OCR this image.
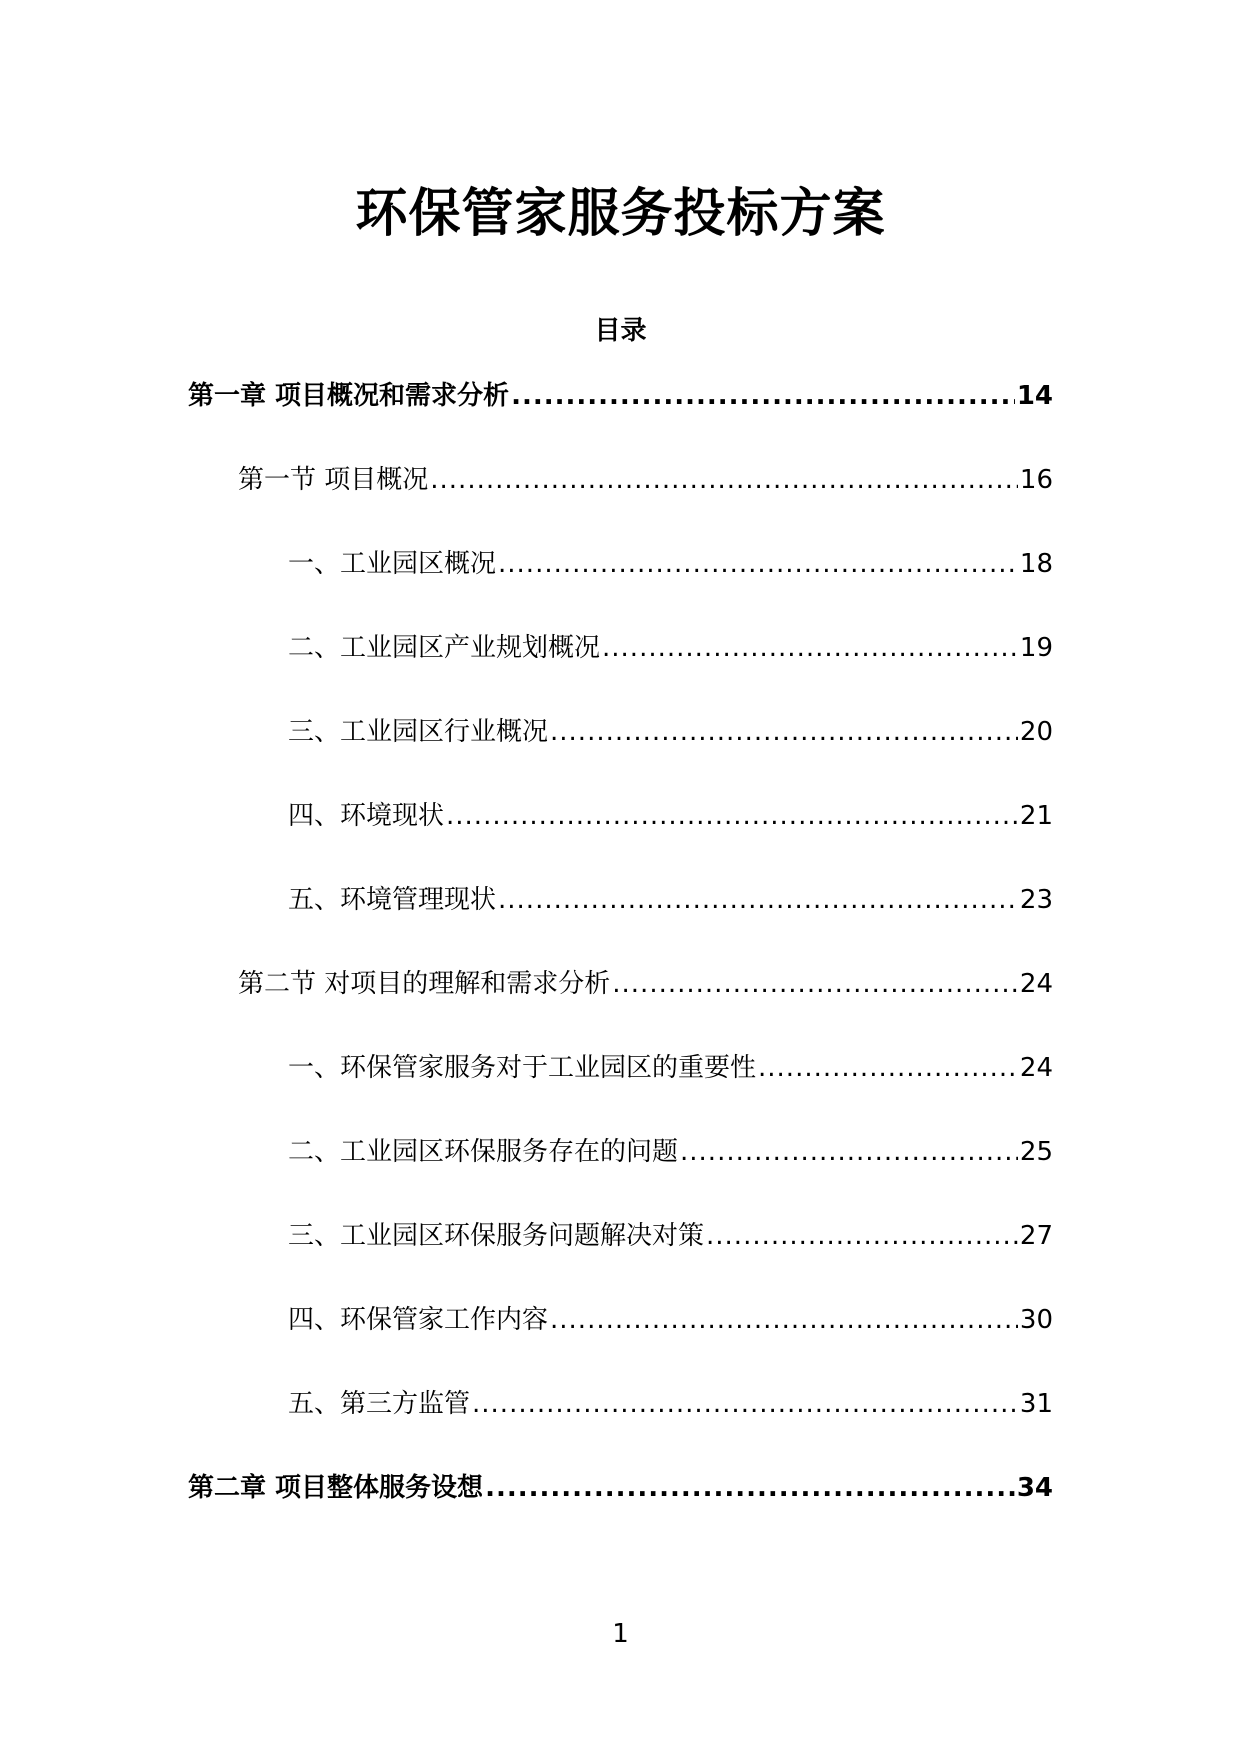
环保管家服务投标方案
目录
第一章 项目概况和需求分析 .....	14
第一节 项目概况 .....	16
一、工业园区概况 .....	18
二、工业园区产业规划概况 .....	19
三、工业园区行业概况 .....	20
四、环境现状 .....	21
五、环境管理现状 .....	23
第二节 对项目的理解和需求分析 .....	24
一、环保管家服务对于工业园区的重要性 .....	24
二、工业园区环保服务存在的问题 .....	25
三、工业园区环保服务问题解决对策 .....	27
四、环保管家工作内容 .....	30
五、第三方监管 .....	31
第二章 项目整体服务设想 .....	34
1
